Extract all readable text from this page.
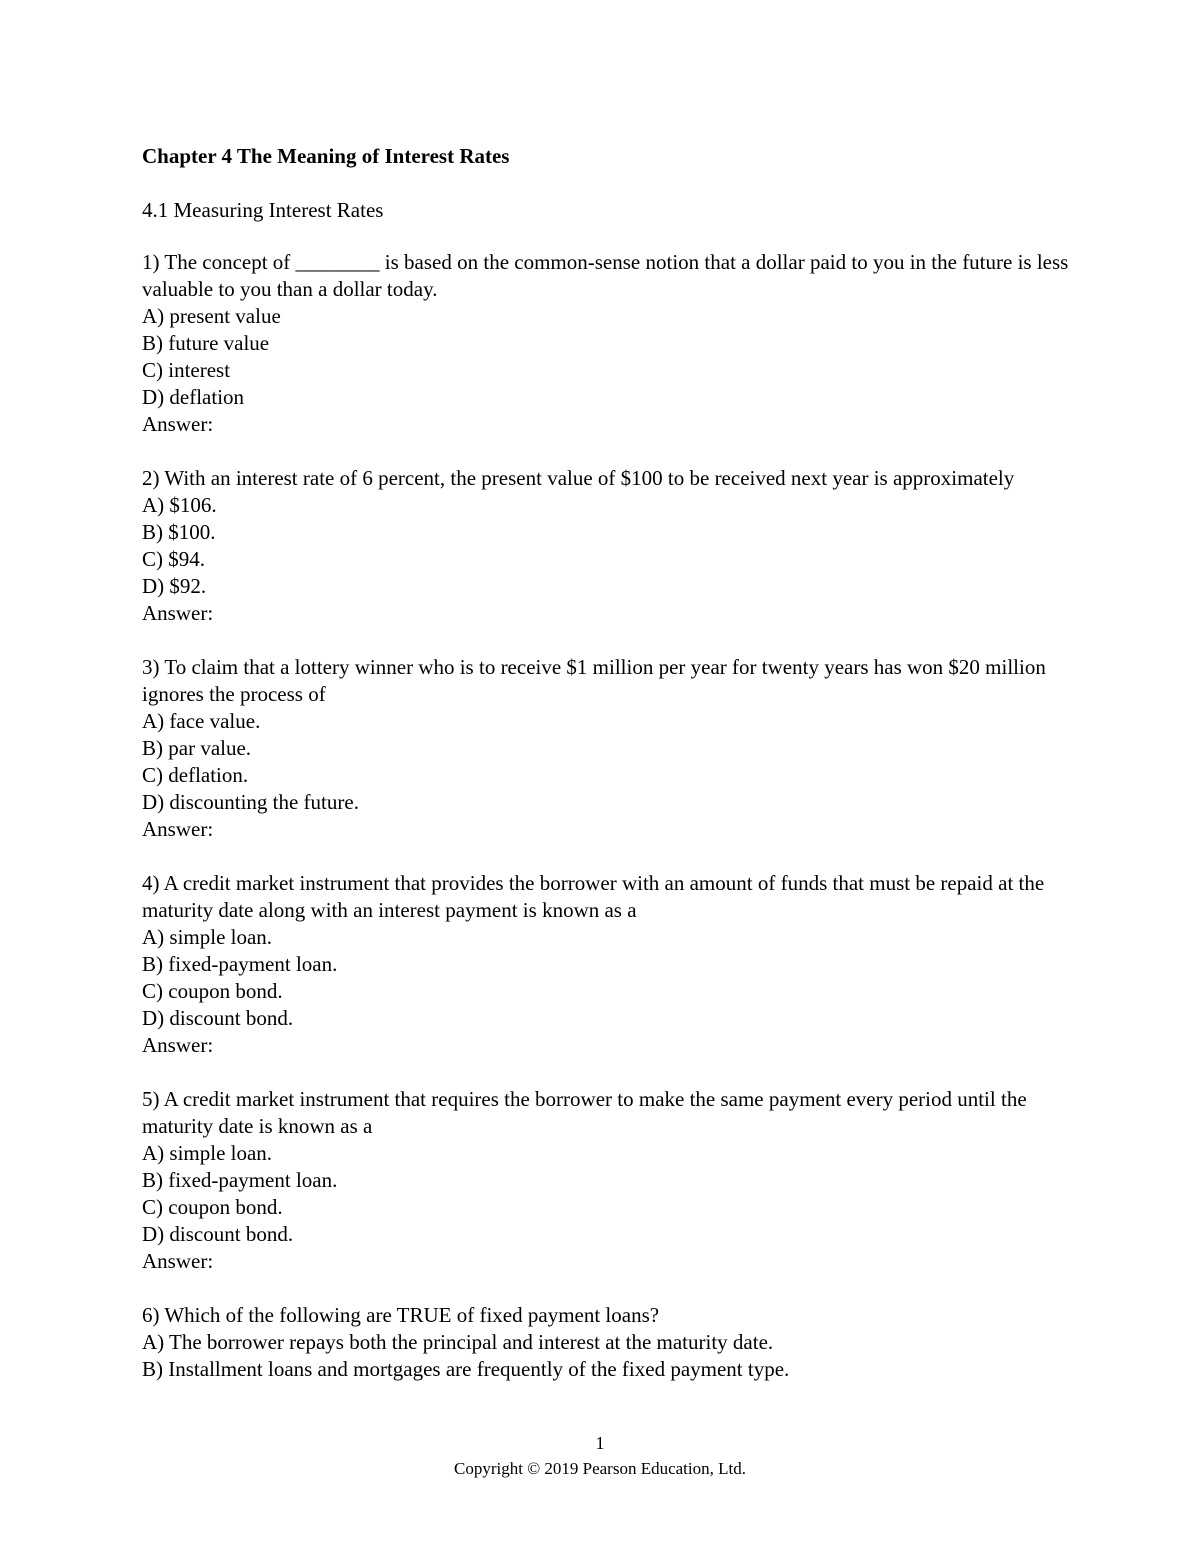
Chapter 4 The Meaning of Interest Rates
4.1 Measuring Interest Rates
1) The concept of ________ is based on the common-sense notion that a dollar paid to you in the future is less valuable to you than a dollar today.
A) present value
B) future value
C) interest
D) deflation
Answer:
2) With an interest rate of 6 percent, the present value of $100 to be received next year is approximately
A) $106.
B) $100.
C) $94.
D) $92.
Answer:
3) To claim that a lottery winner who is to receive $1 million per year for twenty years has won $20 million ignores the process of
A) face value.
B) par value.
C) deflation.
D) discounting the future.
Answer:
4) A credit market instrument that provides the borrower with an amount of funds that must be repaid at the maturity date along with an interest payment is known as a
A) simple loan.
B) fixed-payment loan.
C) coupon bond.
D) discount bond.
Answer:
5) A credit market instrument that requires the borrower to make the same payment every period until the maturity date is known as a
A) simple loan.
B) fixed-payment loan.
C) coupon bond.
D) discount bond.
Answer:
6) Which of the following are TRUE of fixed payment loans?
A) The borrower repays both the principal and interest at the maturity date.
B) Installment loans and mortgages are frequently of the fixed payment type.
1
Copyright © 2019 Pearson Education, Ltd.
